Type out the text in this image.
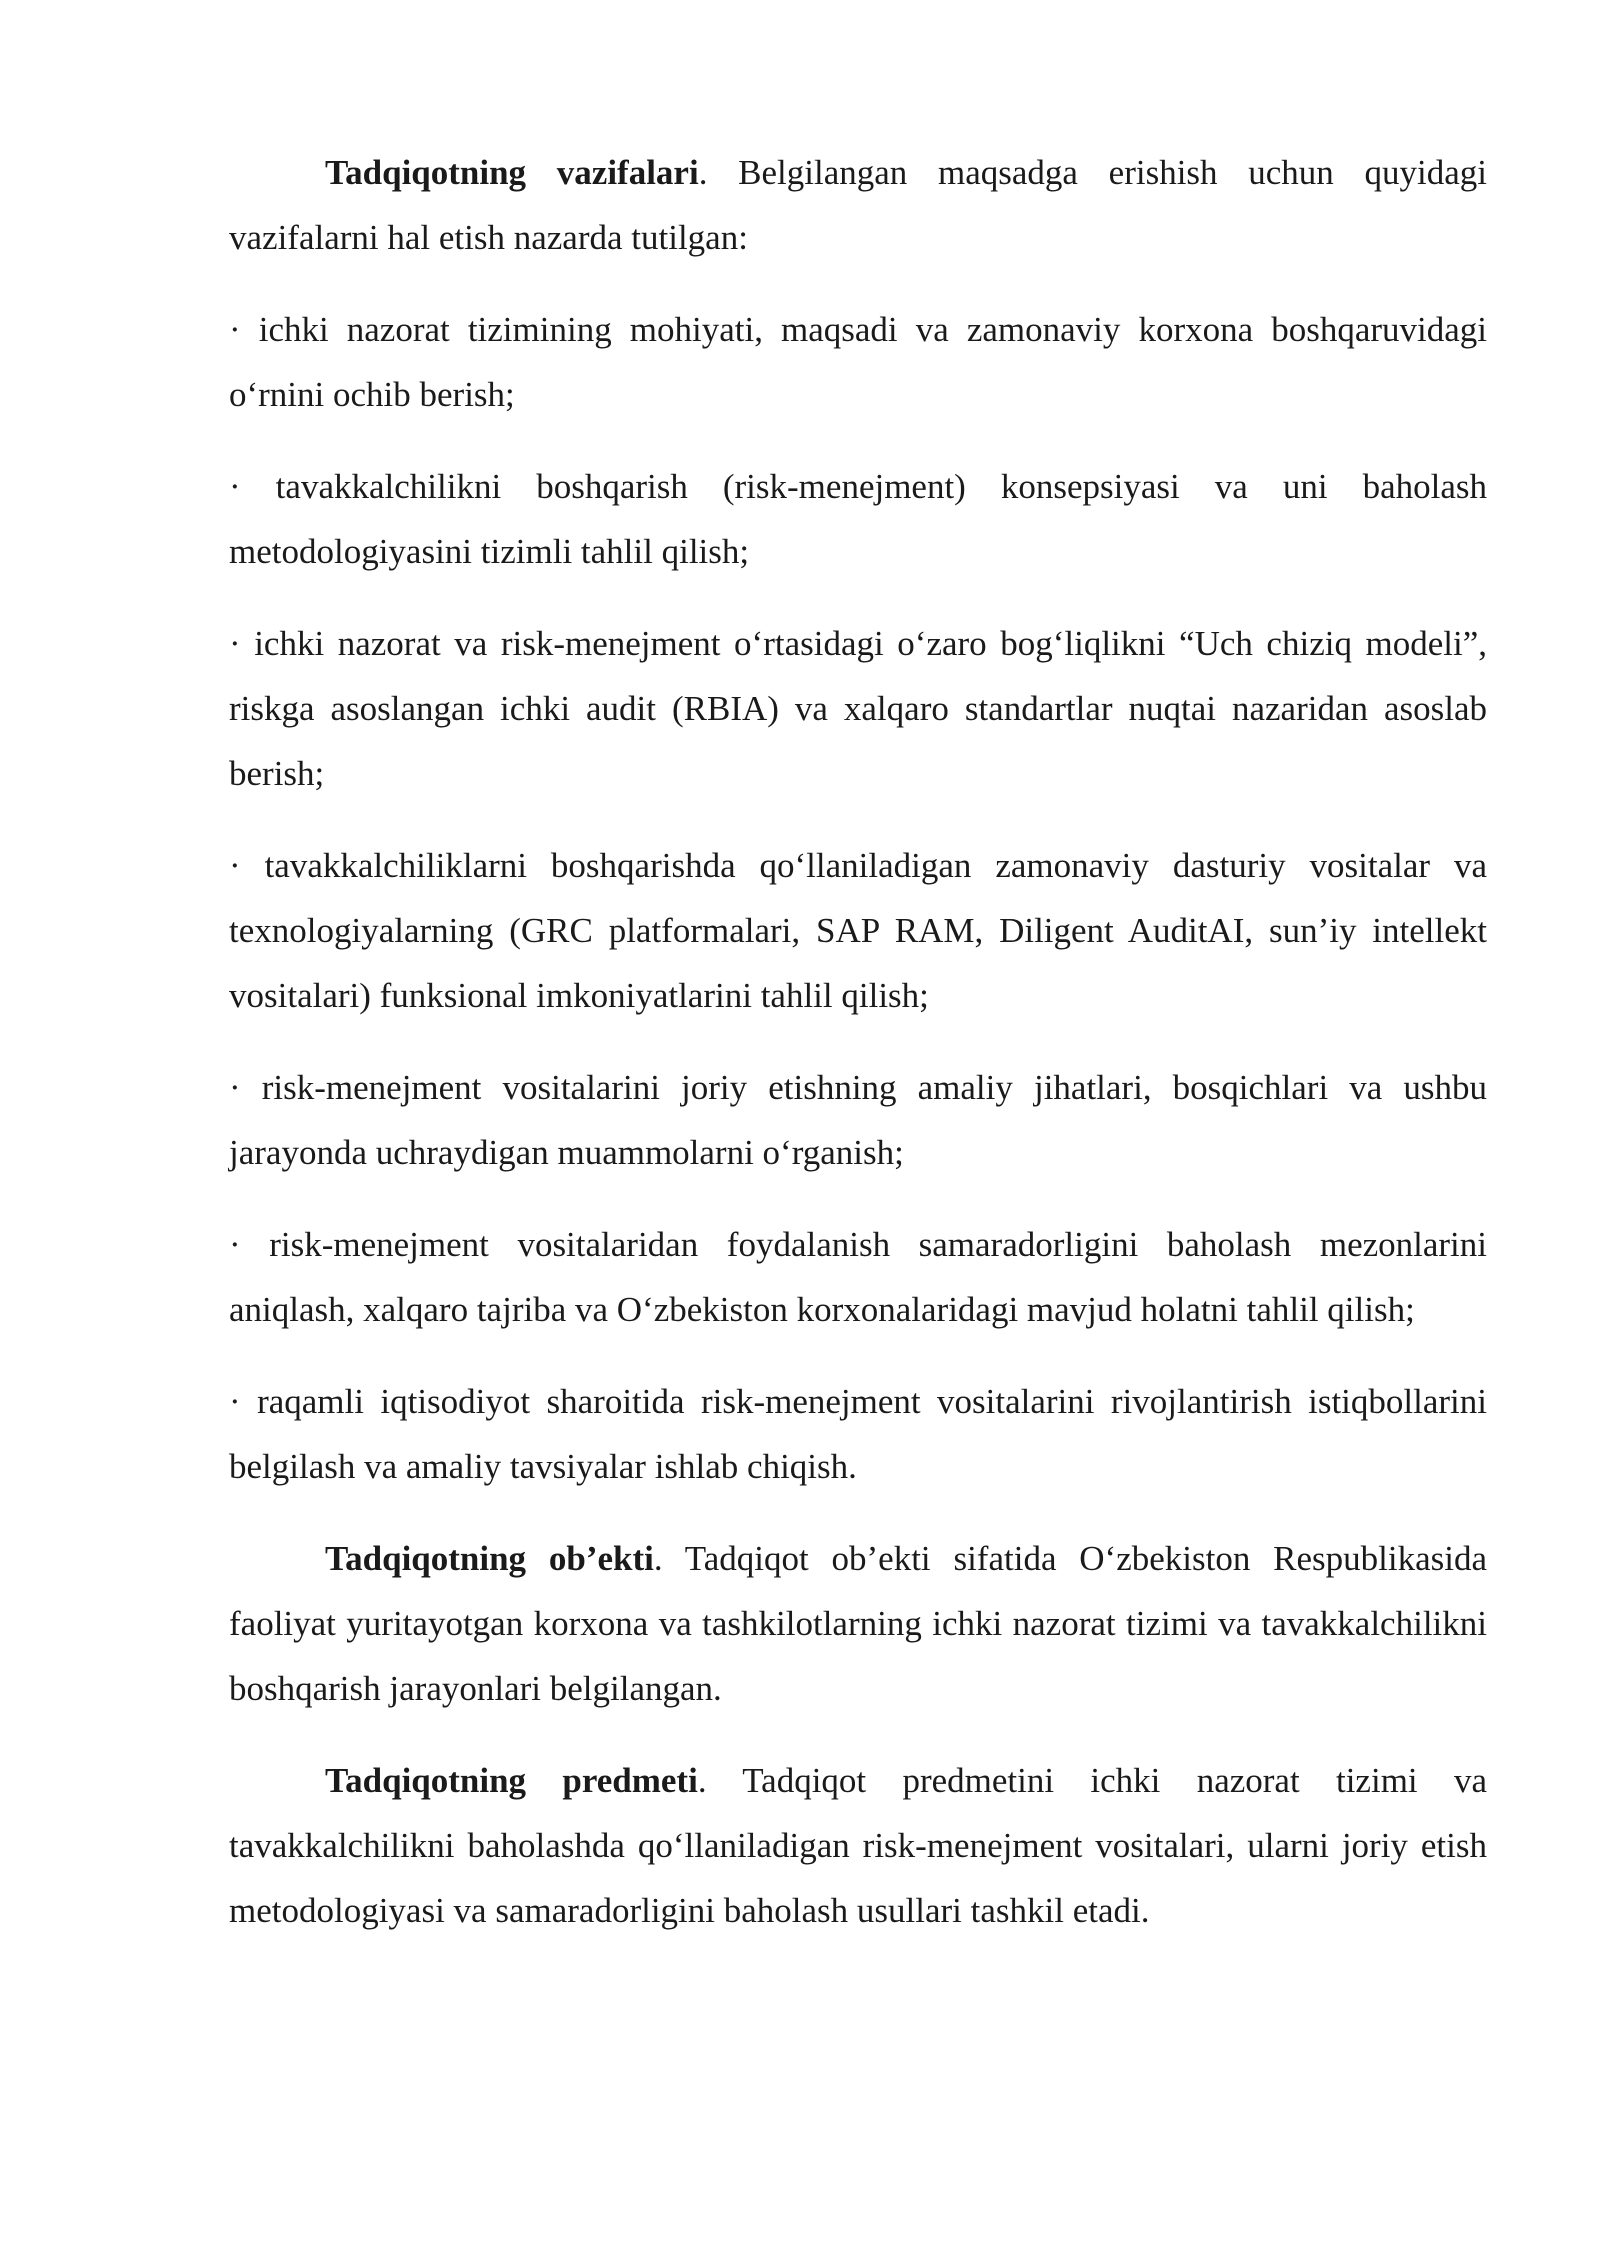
Tadqiqotning vazifalari. Belgilangan maqsadga erishish uchun quyidagi vazifalarni hal etish nazarda tutilgan:

· ichki nazorat tizimining mohiyati, maqsadi va zamonaviy korxona boshqaruvidagi o‘rnini ochib berish;

· tavakkalchilikni boshqarish (risk-menejment) konsepsiyasi va uni baholash metodologiyasini tizimli tahlil qilish;

· ichki nazorat va risk-menejment o‘rtasidagi o‘zaro bog‘liqlikni “Uch chiziq modeli”, riskga asoslangan ichki audit (RBIA) va xalqaro standartlar nuqtai nazaridan asoslab berish;

· tavakkalchiliklarni boshqarishda qo‘llaniladigan zamonaviy dasturiy vositalar va texnologiyalarning (GRC platformalari, SAP RAM, Diligent AuditAI, sun’iy intellekt vositalari) funksional imkoniyatlarini tahlil qilish;

· risk-menejment vositalarini joriy etishning amaliy jihatlari, bosqichlari va ushbu jarayonda uchraydigan muammolarni o‘rganish;

· risk-menejment vositalaridan foydalanish samaradorligini baholash mezonlarini aniqlash, xalqaro tajriba va O‘zbekiston korxonalaridagi mavjud holatni tahlil qilish;

· raqamli iqtisodiyot sharoitida risk-menejment vositalarini rivojlantirish istiqbollarini belgilash va amaliy tavsiyalar ishlab chiqish.

Tadqiqotning ob’ekti. Tadqiqot ob’ekti sifatida O‘zbekiston Respublikasida faoliyat yuritayotgan korxona va tashkilotlarning ichki nazorat tizimi va tavakkalchilikni boshqarish jarayonlari belgilangan.

Tadqiqotning predmeti. Tadqiqot predmetini ichki nazorat tizimi va tavakkalchilikni baholashda qo‘llaniladigan risk-menejment vositalari, ularni joriy etish metodologiyasi va samaradorligini baholash usullari tashkil etadi.
